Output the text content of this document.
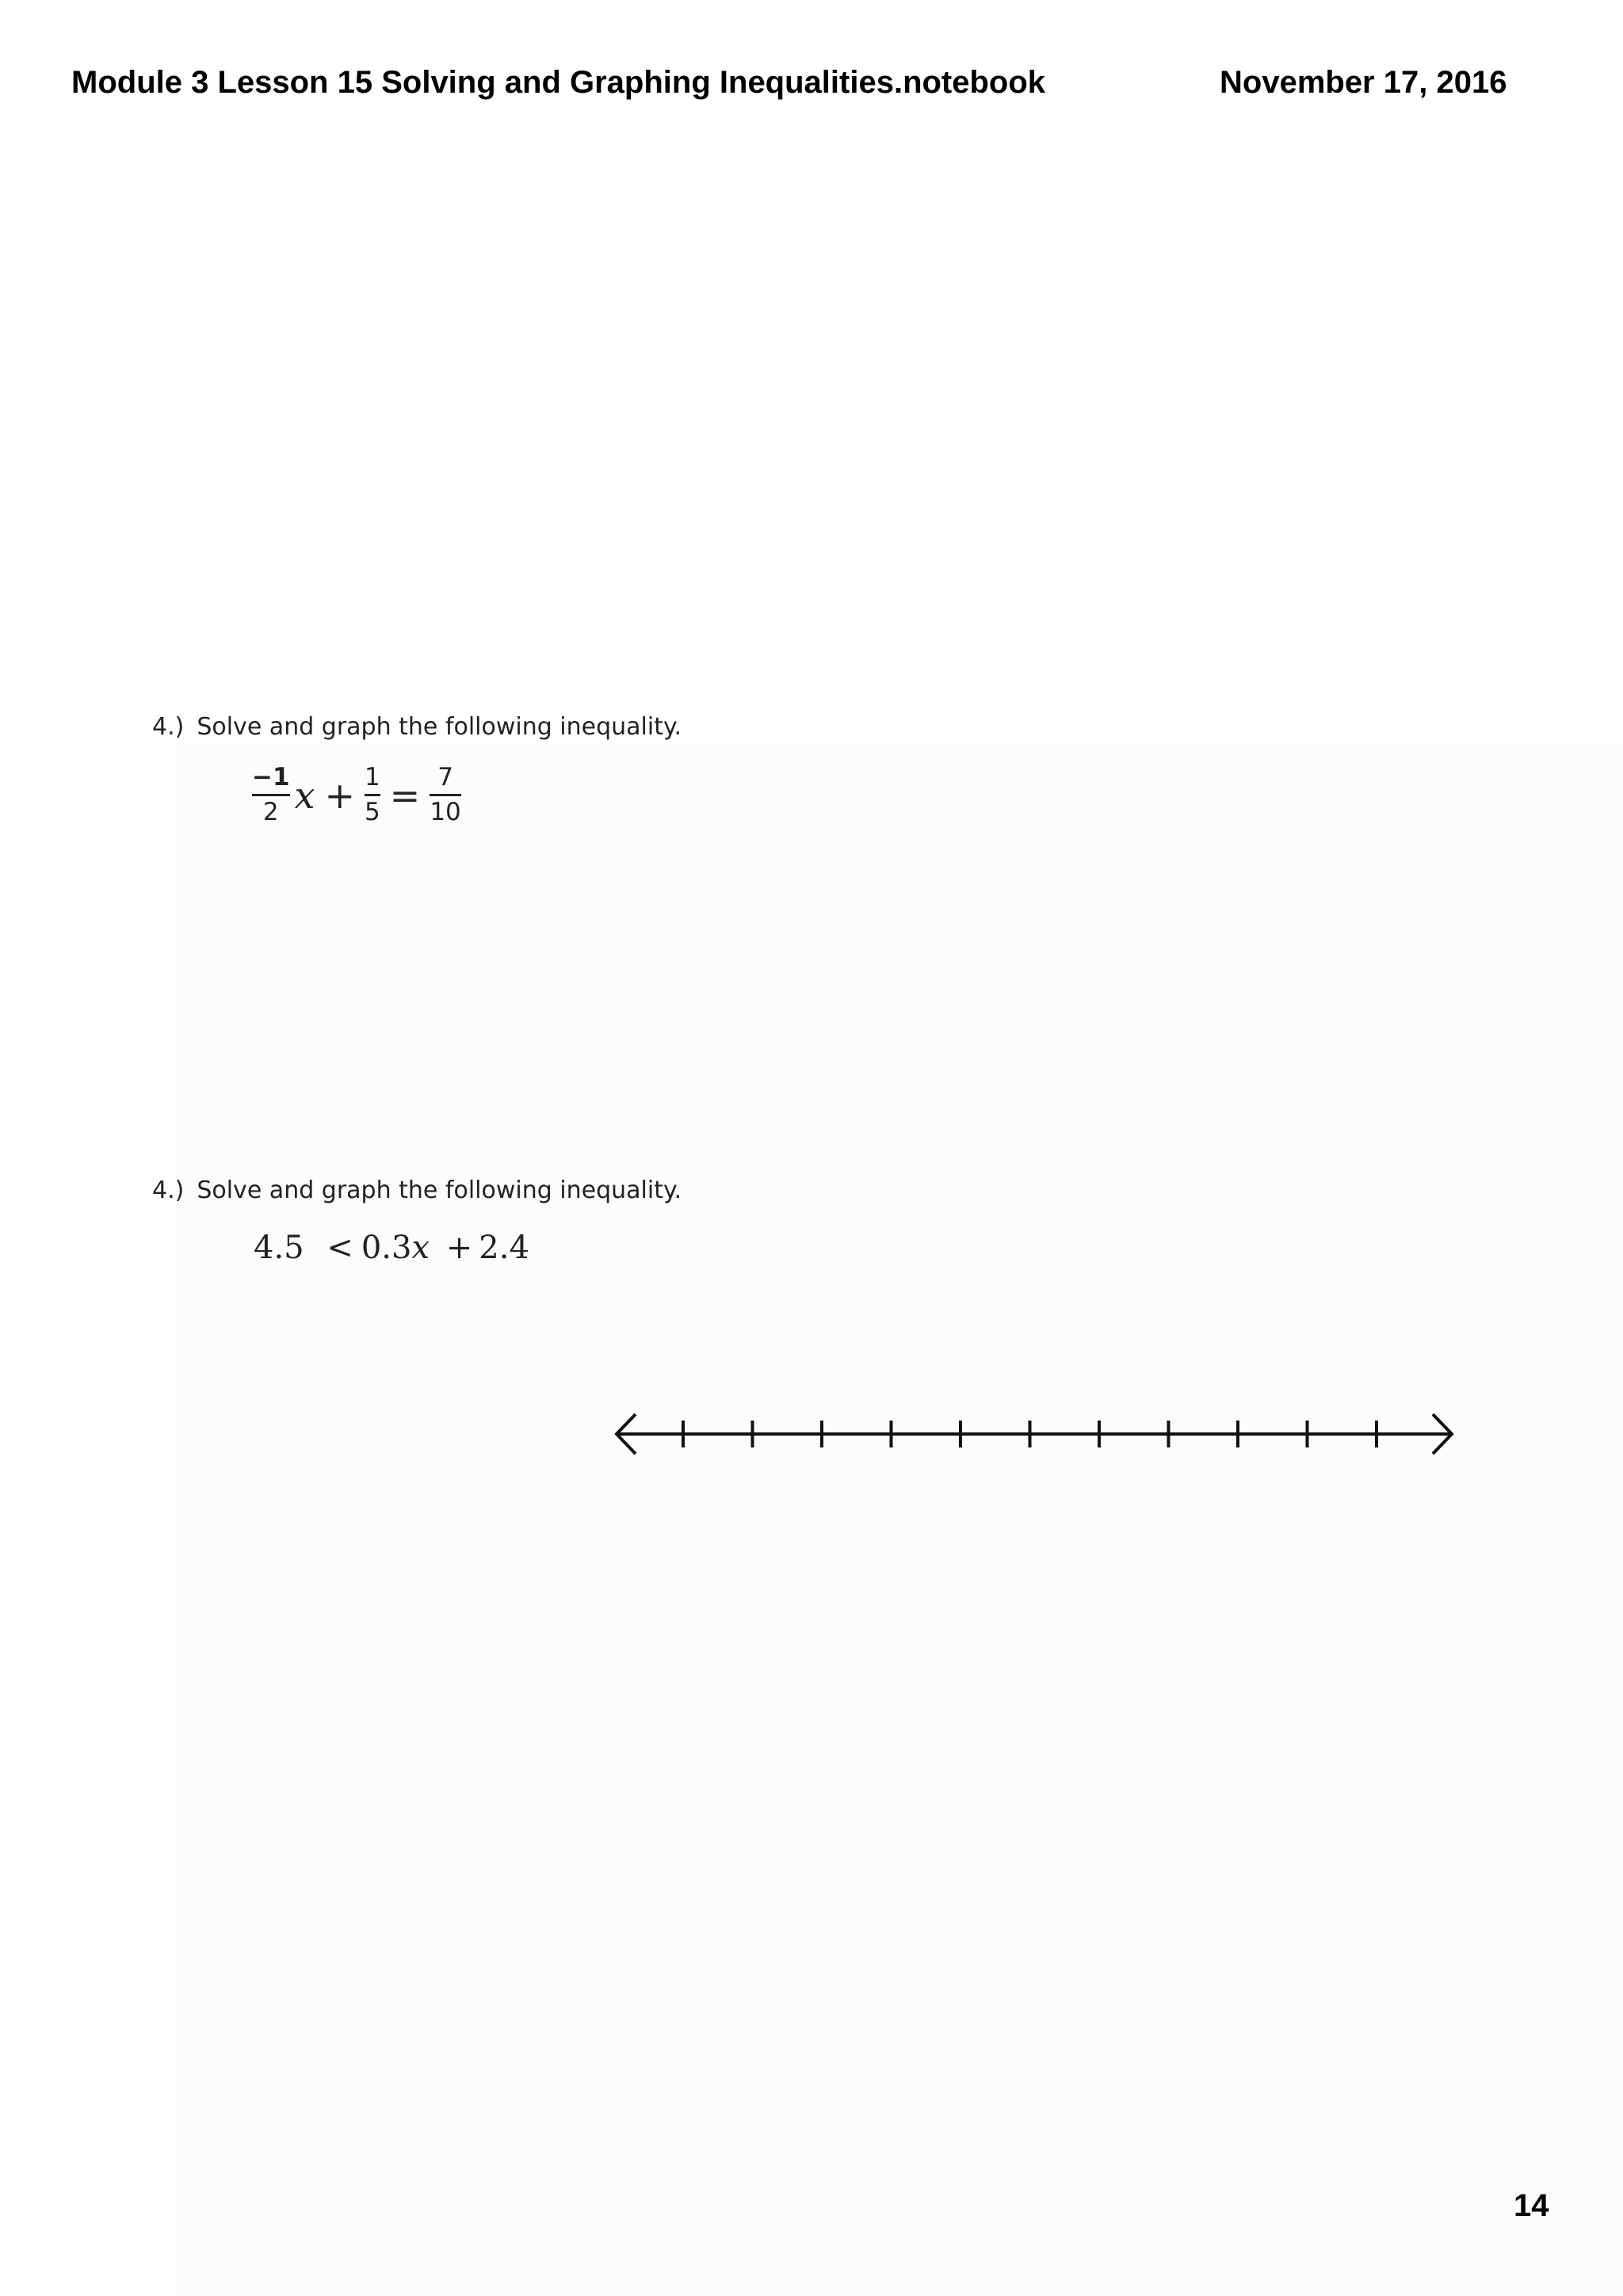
Module 3 Lesson 15 Solving and Graphing Inequalities.notebook	November 17, 2016
4.) Solve and graph the following inequality.
$\frac{-1}{2}$ $x + \frac{1}{5} = \frac{7}{10}$
4.) Solve and graph the following inequality.
4.5 < 0.3x + 2.4
14
